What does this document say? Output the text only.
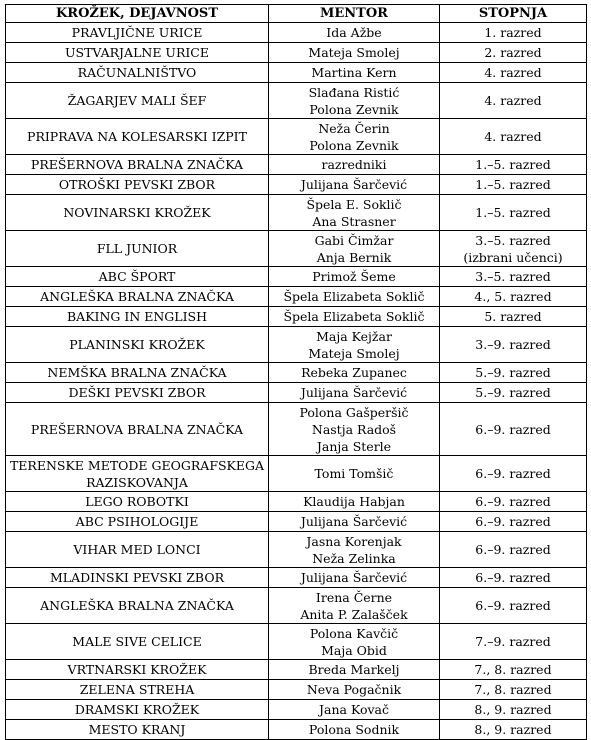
KROŽEK, DEJAVNOST	MENTOR	STOPNJA

PRAVLJIČNE URICE	Ida Ažbe	1. razred

USTVARJALNE URICE	Mateja Smolej	2. razred

RAČUNALNIŠTVO	Martina Kern	4. razred

ŽAGARJEV MALI ŠEF	Slađana Ristić
Polona Zevnik	4. razred

PRIPRAVA NA KOLESARSKI IZPIT	Neža Čerin
Polona Zevnik	4. razred

PREŠERNOVA BRALNA ZNAČKA	razredniki	1.–5. razred

OTROŠKI PEVSKI ZBOR	Julijana Šarčević	1.–5. razred

NOVINARSKI KROŽEK	Špela E. Soklič
Ana Strasner	1.–5. razred

FLL JUNIOR	Gabi Čimžar
Anja Bernik	3.–5. razred
(izbrani učenci)

ABC ŠPORT	Primož Šeme	3.–5. razred

ANGLEŠKA BRALNA ZNAČKA	Špela Elizabeta Soklič	4., 5. razred

BAKING IN ENGLISH	Špela Elizabeta Soklič	5. razred

PLANINSKI KROŽEK	Maja Kejžar
Mateja Smolej	3.–9. razred

NEMŠKA BRALNA ZNAČKA	Rebeka Zupanec	5.–9. razred

DEŠKI PEVSKI ZBOR	Julijana Šarčević	5.–9. razred

PREŠERNOVA BRALNA ZNAČKA	Polona Gašperšič
Nastja Radoš
Janja Sterle	6.–9. razred

TERENSKE METODE GEOGRAFSKEGA
RAZISKOVANJA	Tomi Tomšič	6.–9. razred

LEGO ROBOTKI	Klaudija Habjan	6.–9. razred

ABC PSIHOLOGIJE	Julijana Šarčević	6.–9. razred

VIHAR MED LONCI	Jasna Korenjak
Neža Zelinka	6.–9. razred

MLADINSKI PEVSKI ZBOR	Julijana Šarčević	6.–9. razred

ANGLEŠKA BRALNA ZNAČKA	Irena Černe
Anita P. Zalašček	6.–9. razred

MALE SIVE CELICE	Polona Kavčič
Maja Obid	7.–9. razred

VRTNARSKI KROŽEK	Breda Markelj	7., 8. razred

ZELENA STREHA	Neva Pogačnik	7., 8. razred

DRAMSKI KROŽEK	Jana Kovač	8., 9. razred

MESTO KRANJ	Polona Sodnik	8., 9. razred
